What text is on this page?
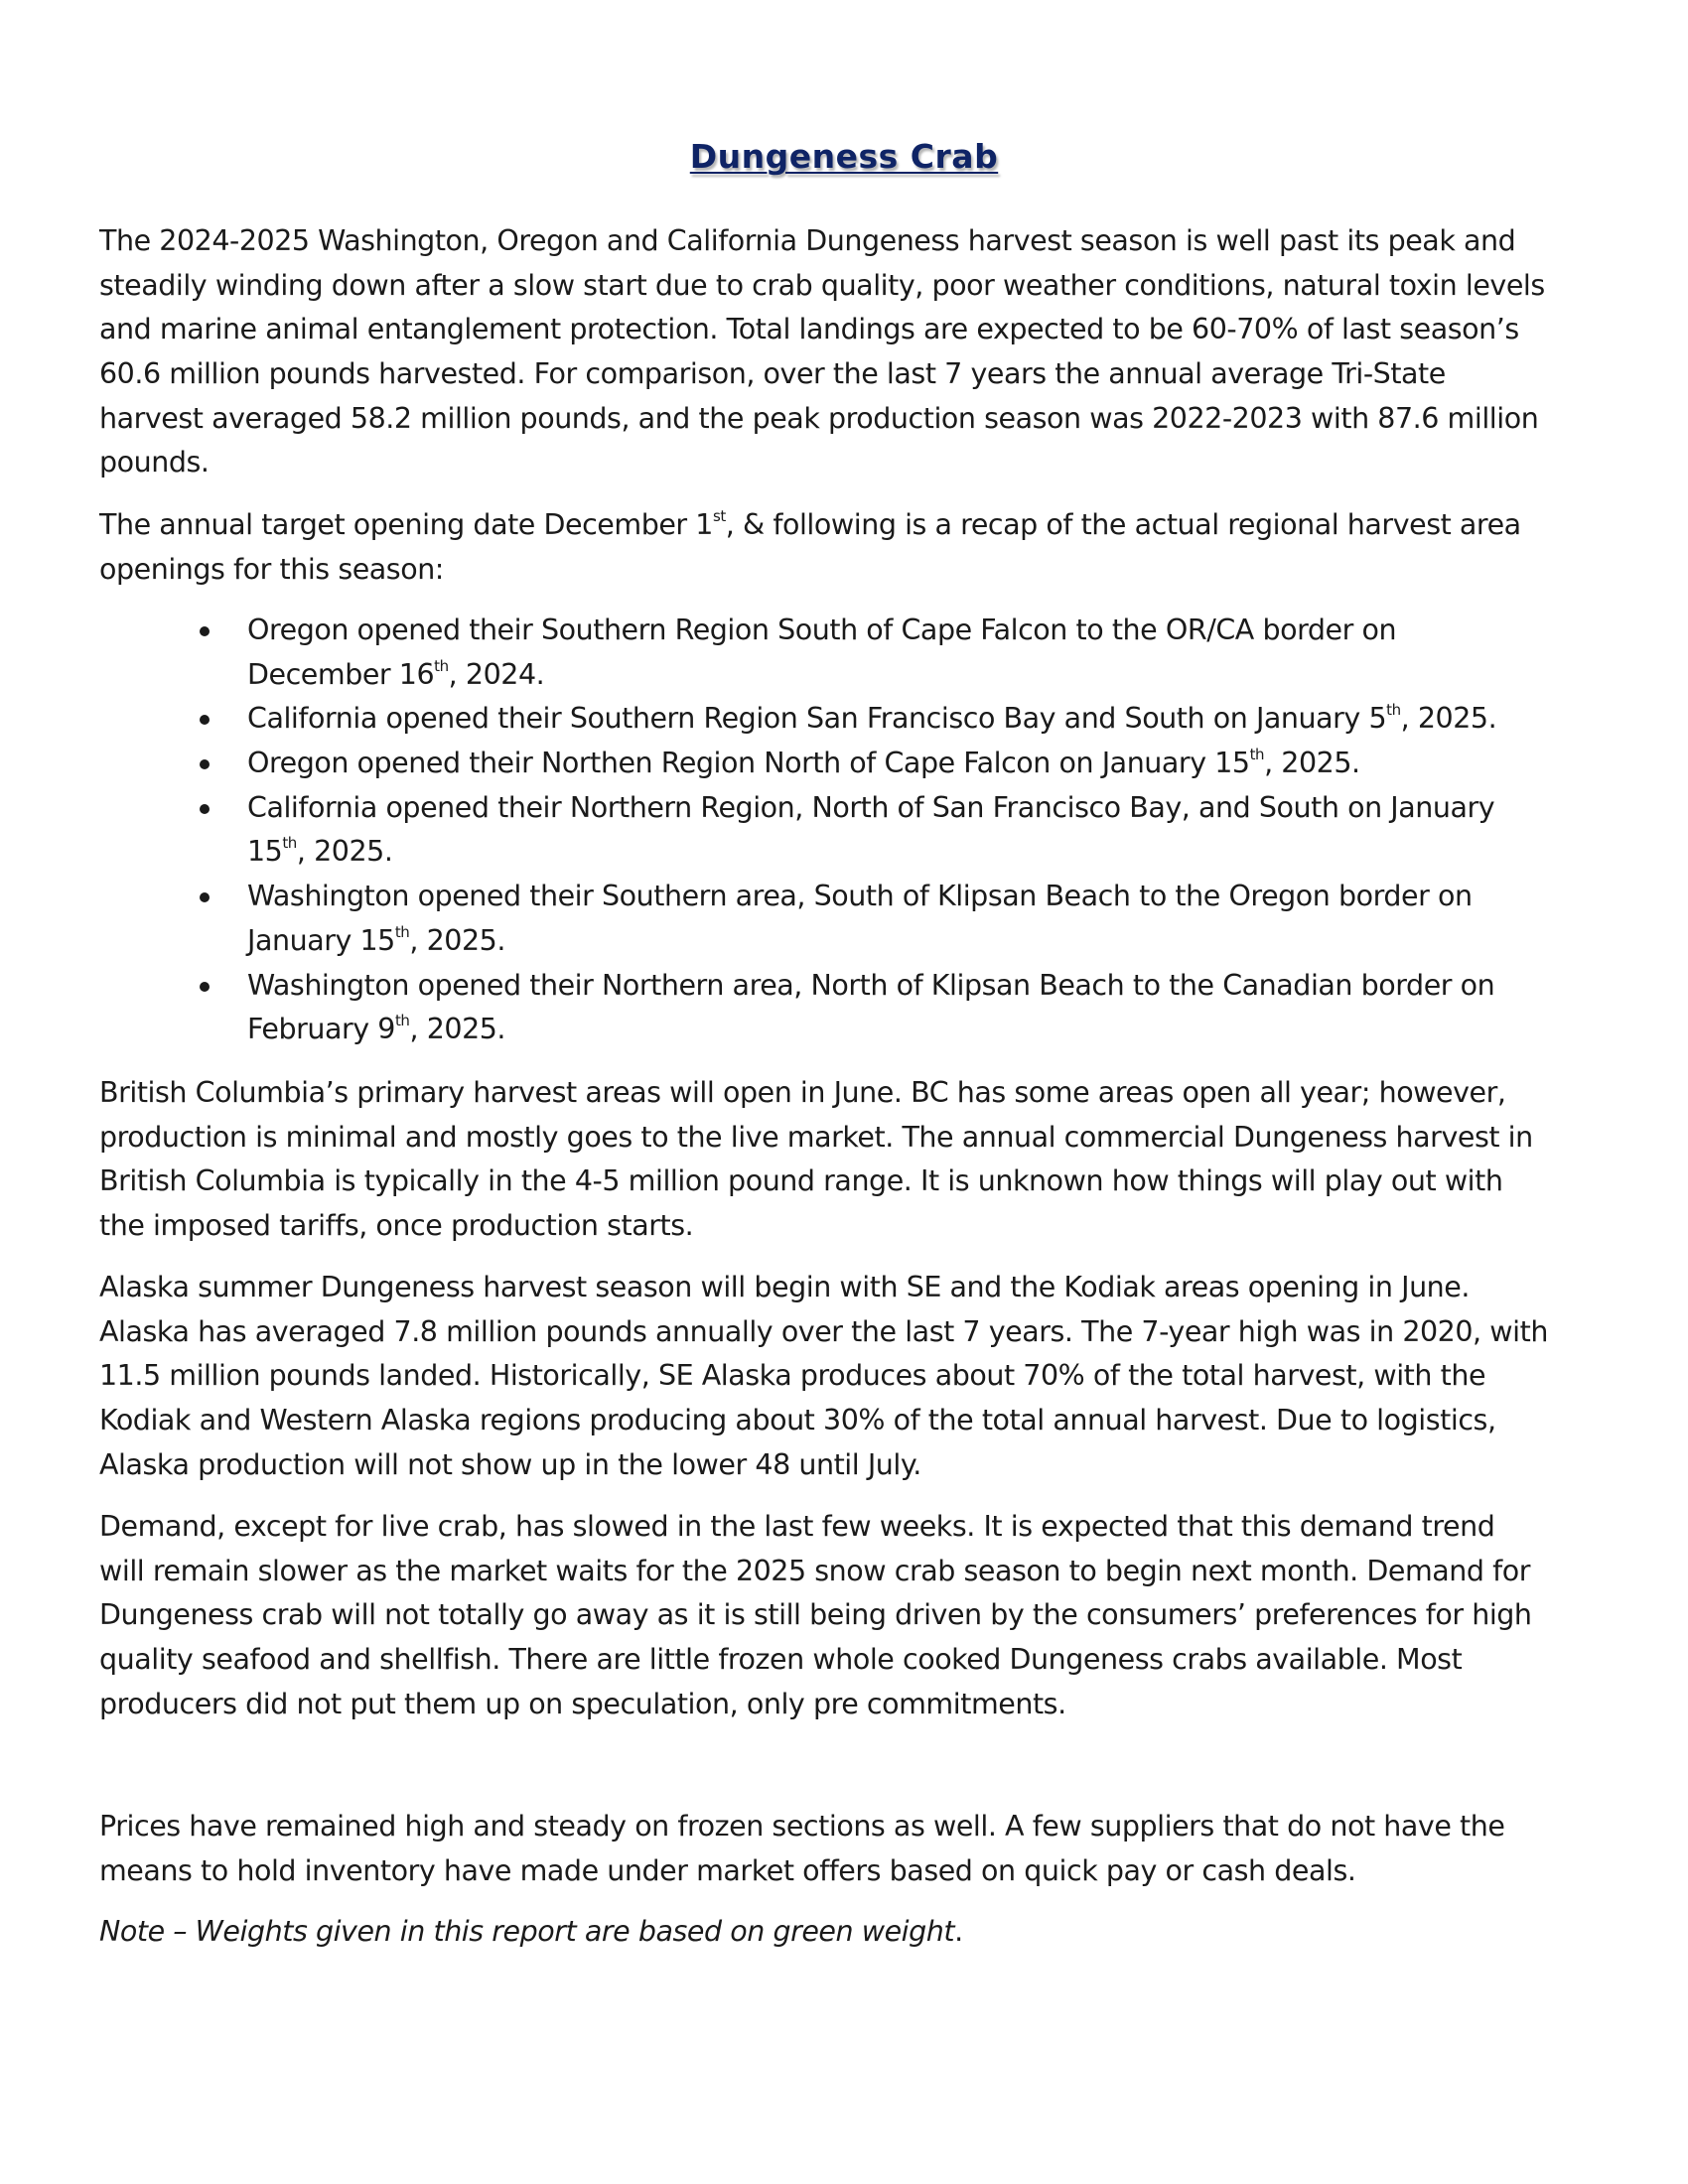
Dungeness Crab
The 2024-2025 Washington, Oregon and California Dungeness harvest season is well past its peak and
steadily winding down after a slow start due to crab quality, poor weather conditions, natural toxin levels
and marine animal entanglement protection. Total landings are expected to be 60-70% of last season’s
60.6 million pounds harvested. For comparison, over the last 7 years the annual average Tri-State
harvest averaged 58.2 million pounds, and the peak production season was 2022-2023 with 87.6 million
pounds.
The annual target opening date December 1st, & following is a recap of the actual regional harvest area
openings for this season:
Oregon opened their Southern Region South of Cape Falcon to the OR/CA border on
December 16th, 2024.
California opened their Southern Region San Francisco Bay and South on January 5th, 2025.
Oregon opened their Northen Region North of Cape Falcon on January 15th, 2025.
California opened their Northern Region, North of San Francisco Bay, and South on January
15th, 2025.
Washington opened their Southern area, South of Klipsan Beach to the Oregon border on
January 15th, 2025.
Washington opened their Northern area, North of Klipsan Beach to the Canadian border on
February 9th, 2025.
British Columbia’s primary harvest areas will open in June. BC has some areas open all year; however,
production is minimal and mostly goes to the live market. The annual commercial Dungeness harvest in
British Columbia is typically in the 4-5 million pound range. It is unknown how things will play out with
the imposed tariffs, once production starts.
Alaska summer Dungeness harvest season will begin with SE and the Kodiak areas opening in June.
Alaska has averaged 7.8 million pounds annually over the last 7 years. The 7-year high was in 2020, with
11.5 million pounds landed. Historically, SE Alaska produces about 70% of the total harvest, with the
Kodiak and Western Alaska regions producing about 30% of the total annual harvest. Due to logistics,
Alaska production will not show up in the lower 48 until July.
Demand, except for live crab, has slowed in the last few weeks. It is expected that this demand trend
will remain slower as the market waits for the 2025 snow crab season to begin next month. Demand for
Dungeness crab will not totally go away as it is still being driven by the consumers’ preferences for high
quality seafood and shellfish. There are little frozen whole cooked Dungeness crabs available. Most
producers did not put them up on speculation, only pre commitments.
Prices have remained high and steady on frozen sections as well. A few suppliers that do not have the
means to hold inventory have made under market offers based on quick pay or cash deals.
Note – Weights given in this report are based on green weight.
